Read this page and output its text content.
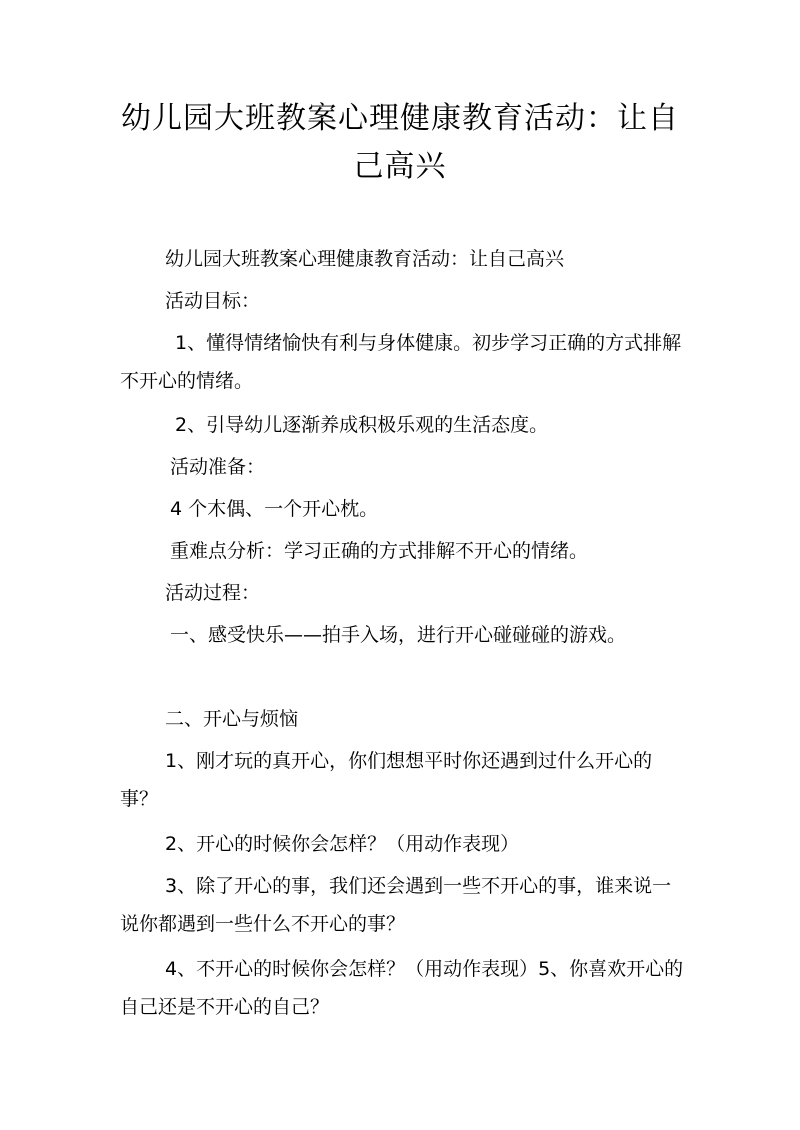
幼儿园大班教案心理健康教育活动：让自己高兴

幼儿园大班教案心理健康教育活动：让自己高兴

活动目标：

1、懂得情绪愉快有利与身体健康。初步学习正确的方式排解不开心的情绪。

2、引导幼儿逐渐养成积极乐观的生活态度。

活动准备：

4 个木偶、一个开心枕。

重难点分析：学习正确的方式排解不开心的情绪。

活动过程：

一、感受快乐——拍手入场，进行开心碰碰碰的游戏。

二、开心与烦恼

1、刚才玩的真开心，你们想想平时你还遇到过什么开心的事？

2、开心的时候你会怎样？（用动作表现）

3、除了开心的事，我们还会遇到一些不开心的事，谁来说一说你都遇到一些什么不开心的事？

4、不开心的时候你会怎样？（用动作表现）5、你喜欢开心的自己还是不开心的自己？
